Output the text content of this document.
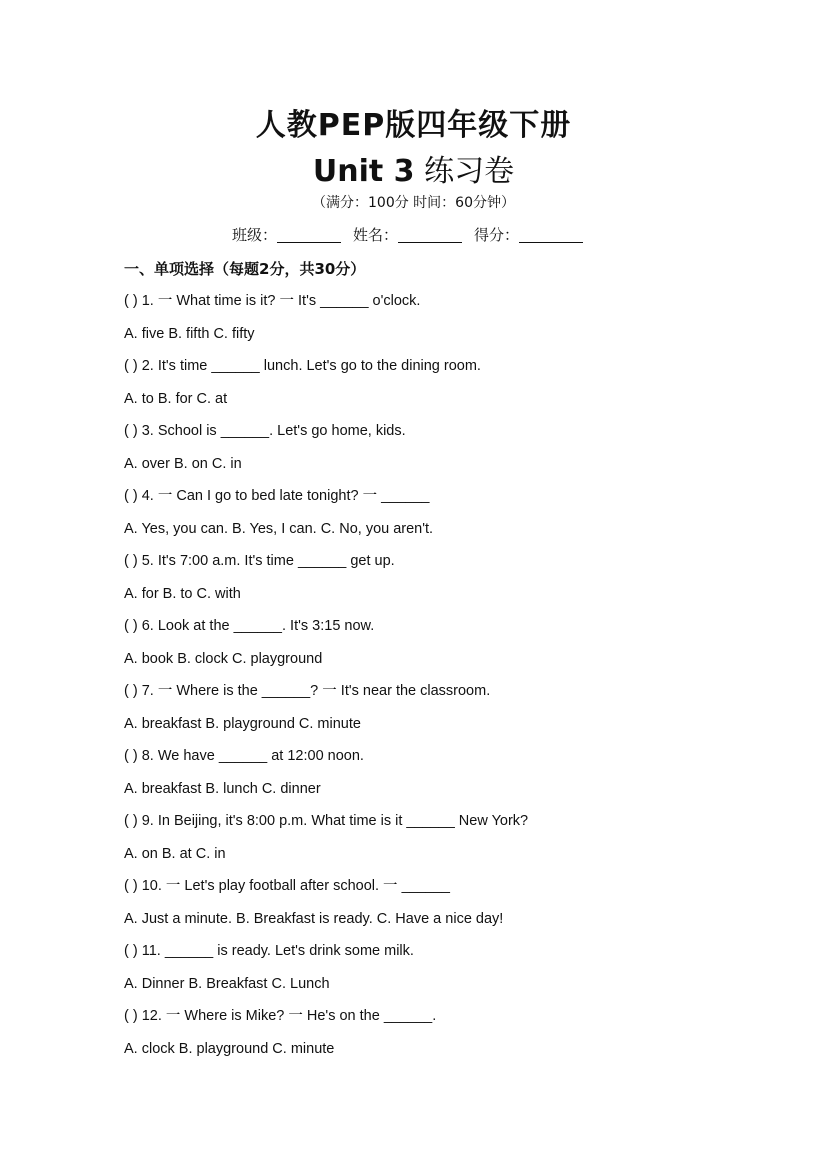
人教PEP版四年级下册
Unit 3 练习卷
（满分：100分 时间：60分钟）
班级：	姓名：	得分：
一、单项选择（每题2分，共30分）
( ) 1. 一 What time is it? 一 It's ______ o'clock.
A. five B. fifth C. fifty
( ) 2. It's time ______ lunch. Let's go to the dining room.
A. to B. for C. at
( ) 3. School is ______. Let's go home, kids.
A. over B. on C. in
( ) 4. 一 Can I go to bed late tonight? 一 ______
A. Yes, you can. B. Yes, I can. C. No, you aren't.
( ) 5. It's 7:00 a.m. It's time ______ get up.
A. for B. to C. with
( ) 6. Look at the ______. It's 3:15 now.
A. book B. clock C. playground
( ) 7. 一 Where is the ______? 一 It's near the classroom.
A. breakfast B. playground C. minute
( ) 8. We have ______ at 12:00 noon.
A. breakfast B. lunch C. dinner
( ) 9. In Beijing, it's 8:00 p.m. What time is it ______ New York?
A. on B. at C. in
( ) 10. 一 Let's play football after school. 一 ______
A. Just a minute. B. Breakfast is ready. C. Have a nice day!
( ) 11. ______ is ready. Let's drink some milk.
A. Dinner B. Breakfast C. Lunch
( ) 12. 一 Where is Mike? 一 He's on the ______.
A. clock B. playground C. minute
